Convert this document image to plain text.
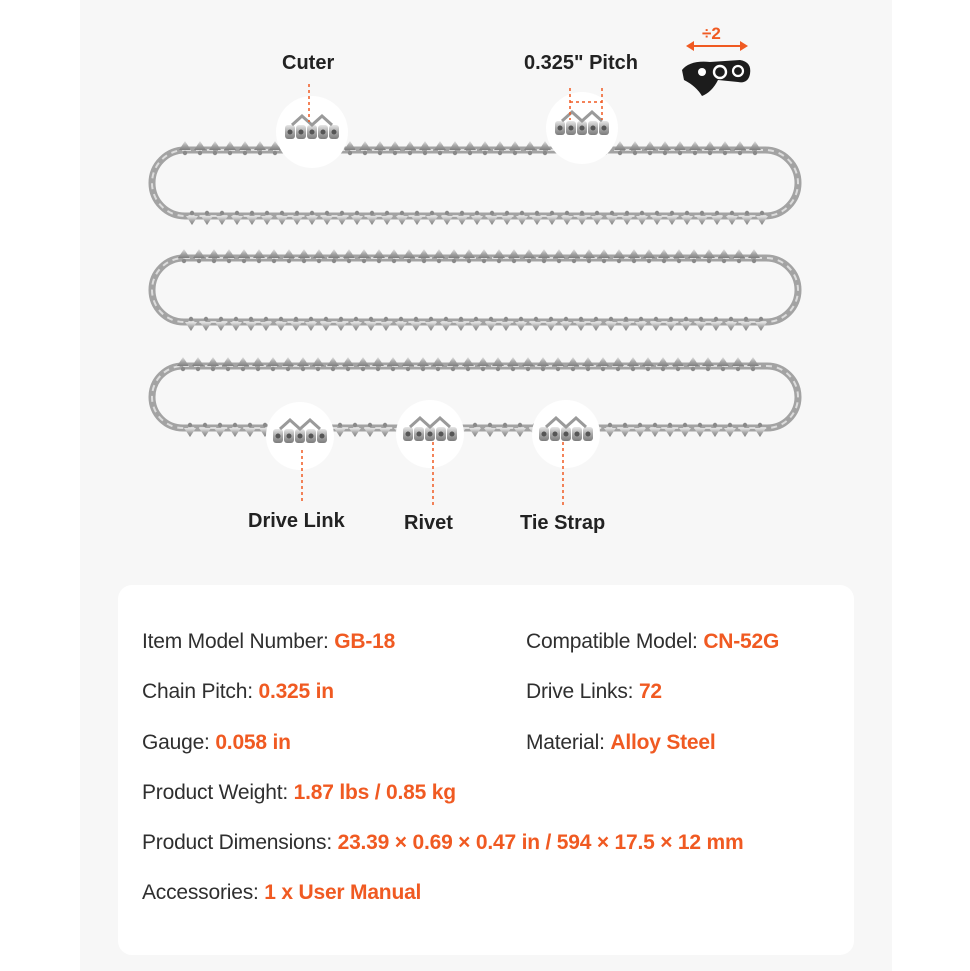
Cuter	0.325" Pitch
÷2
Drive Link	Rivet	Tie Strap
Item Model Number: GB-18	Compatible Model: CN-52G
Chain Pitch: 0.325 in	Drive Links: 72
Gauge: 0.058 in	Material: Alloy Steel
Product Weight: 1.87 lbs / 0.85 kg
Product Dimensions: 23.39 × 0.69 × 0.47 in / 594 × 17.5 × 12 mm
Accessories: 1 x User Manual
